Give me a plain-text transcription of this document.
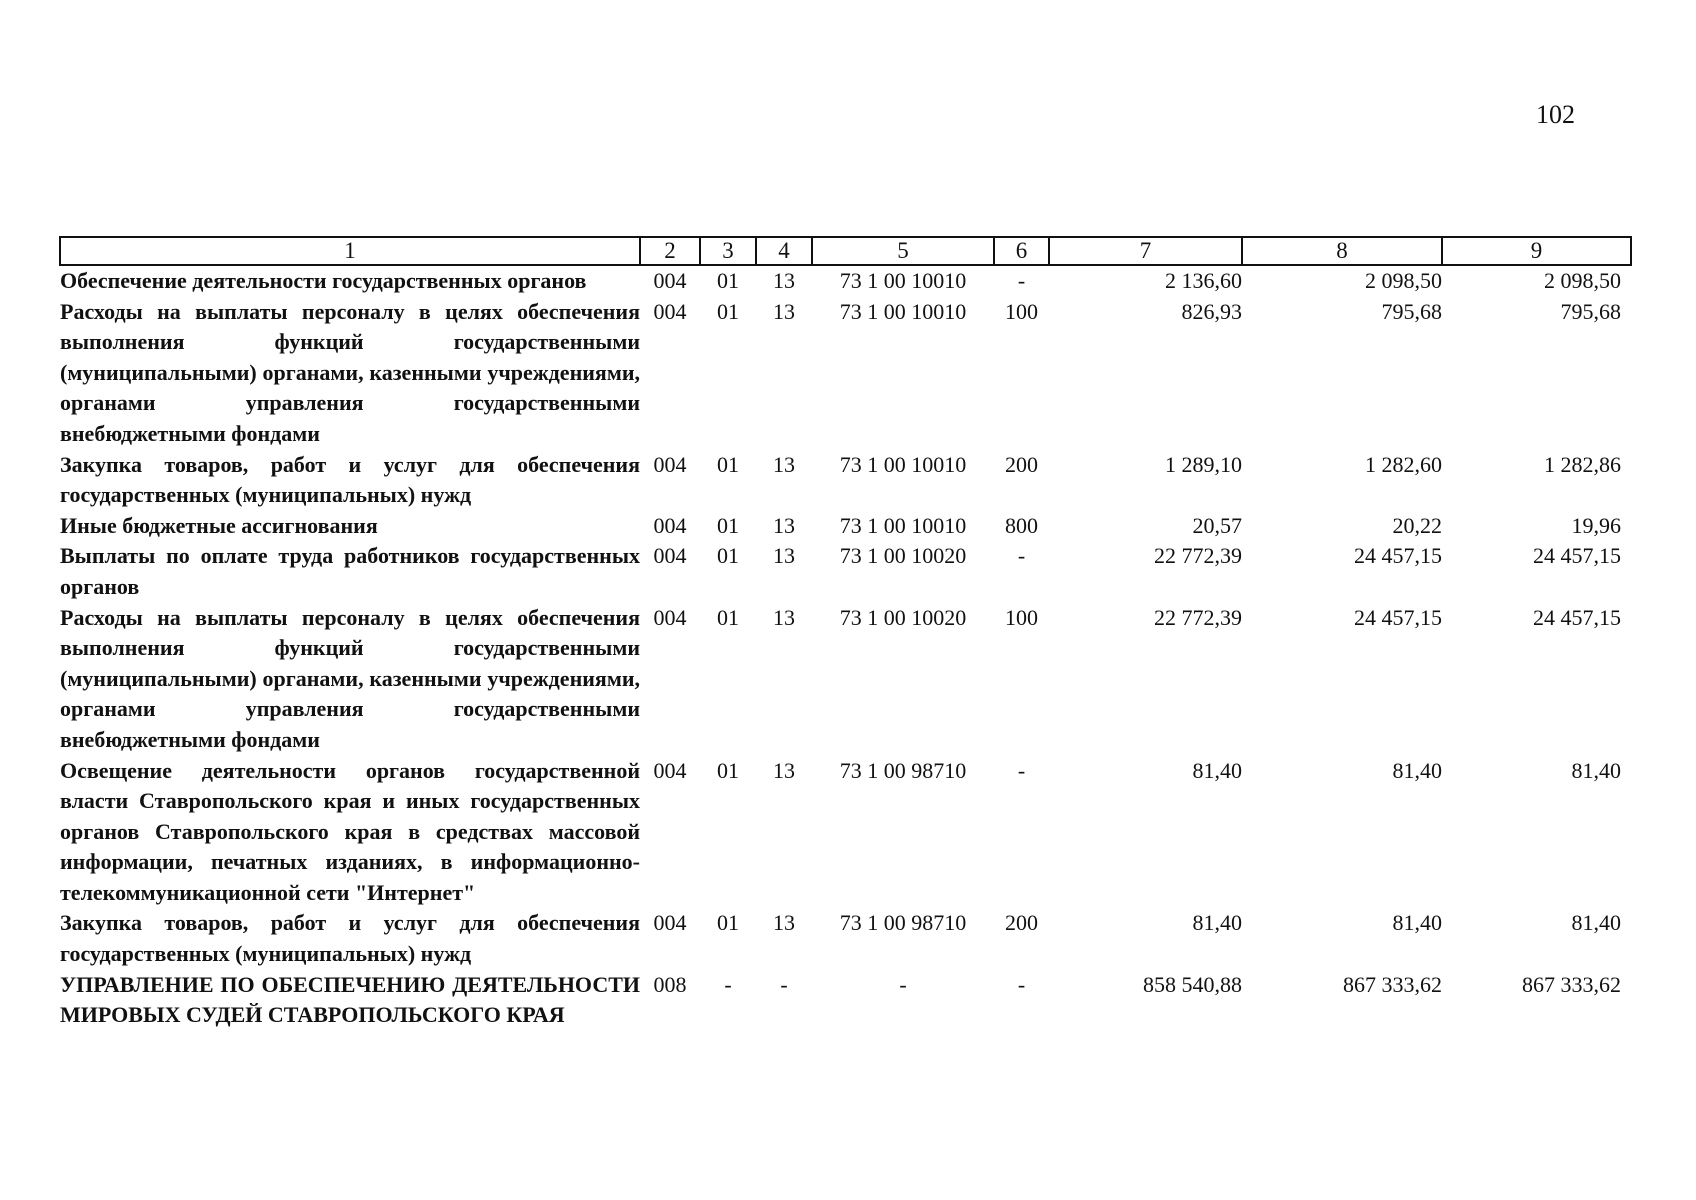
102
1	2	3	4	5	6	7	8	9
Обеспечение деятельности государственных органов	004	01	13	73 1 00 10010	-	2 136,60	2 098,50	2 098,50
Расходы на выплаты персоналу в целях обеспечения выполнения функций государственными (муниципальными) органами, казенными учреждениями, органами управления государственными внебюджетными фондами	004	01	13	73 1 00 10010	100	826,93	795,68	795,68
Закупка товаров, работ и услуг для обеспечения государственных (муниципальных) нужд	004	01	13	73 1 00 10010	200	1 289,10	1 282,60	1 282,86
Иные бюджетные ассигнования	004	01	13	73 1 00 10010	800	20,57	20,22	19,96
Выплаты по оплате труда работников государственных органов	004	01	13	73 1 00 10020	-	22 772,39	24 457,15	24 457,15
Расходы на выплаты персоналу в целях обеспечения выполнения функций государственными (муниципальными) органами, казенными учреждениями, органами управления государственными внебюджетными фондами	004	01	13	73 1 00 10020	100	22 772,39	24 457,15	24 457,15
Освещение деятельности органов государственной власти Ставропольского края и иных государственных органов Ставропольского края в средствах массовой информации, печатных изданиях, в информационно-телекоммуникационной сети "Интернет"	004	01	13	73 1 00 98710	-	81,40	81,40	81,40
Закупка товаров, работ и услуг для обеспечения государственных (муниципальных) нужд	004	01	13	73 1 00 98710	200	81,40	81,40	81,40
УПРАВЛЕНИЕ ПО ОБЕСПЕЧЕНИЮ ДЕЯТЕЛЬНОСТИ МИРОВЫХ СУДЕЙ СТАВРОПОЛЬСКОГО КРАЯ	008	-	-	-	-	858 540,88	867 333,62	867 333,62
